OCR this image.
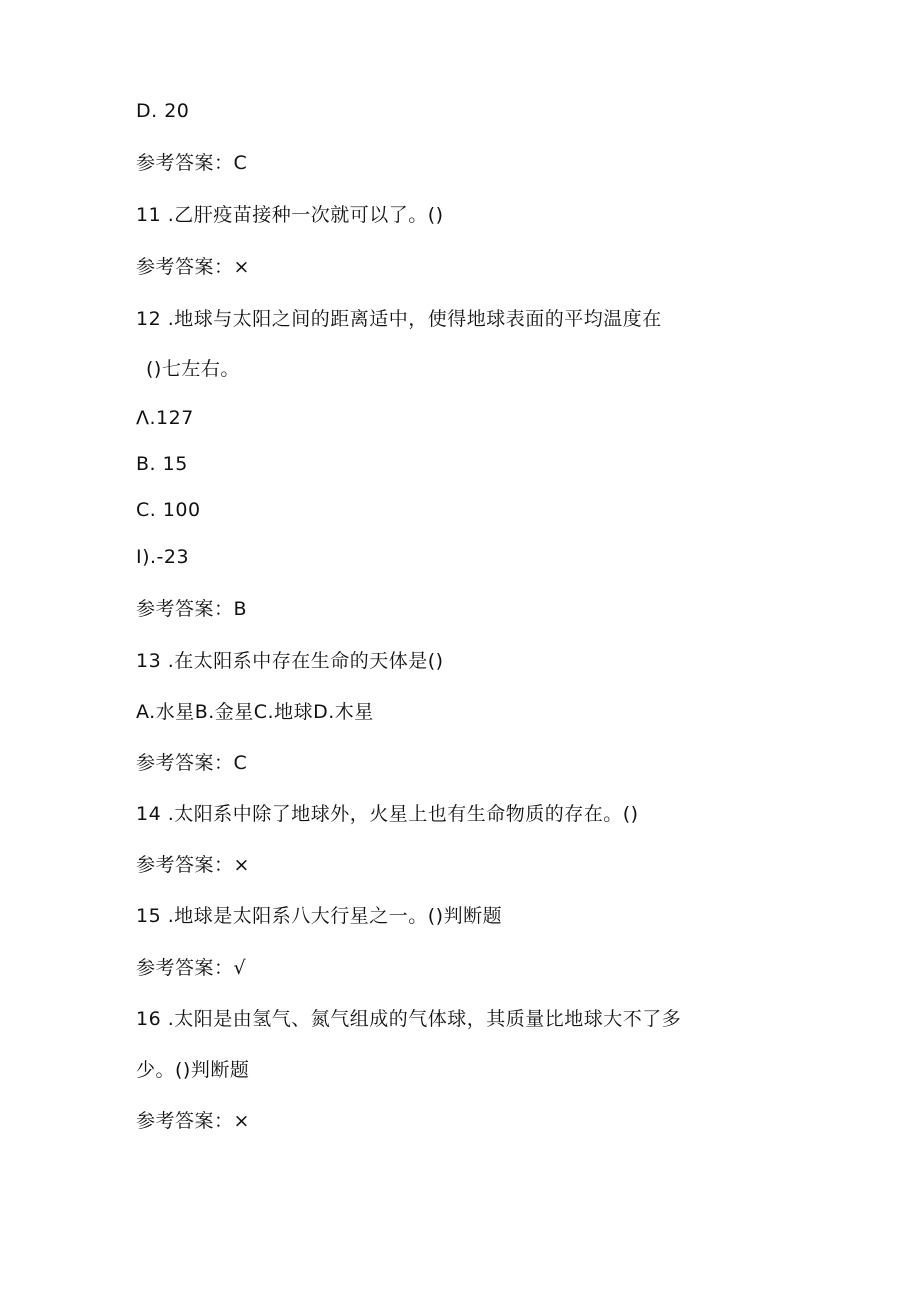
D. 20
参考答案：C
11 .乙肝疫苗接种一次就可以了。()
参考答案：×
12 .地球与太阳之间的距离适中，使得地球表面的平均温度在
()七左右。
Λ.127
B. 15
C. 100
I).-23
参考答案：B
13 .在太阳系中存在生命的天体是()
A.水星B.金星C.地球D.木星
参考答案：C
14 .太阳系中除了地球外，火星上也有生命物质的存在。()
参考答案：×
15 .地球是太阳系八大行星之一。()判断题
参考答案：√
16 .太阳是由氢气、氮气组成的气体球，其质量比地球大不了多
少。()判断题
参考答案：×
